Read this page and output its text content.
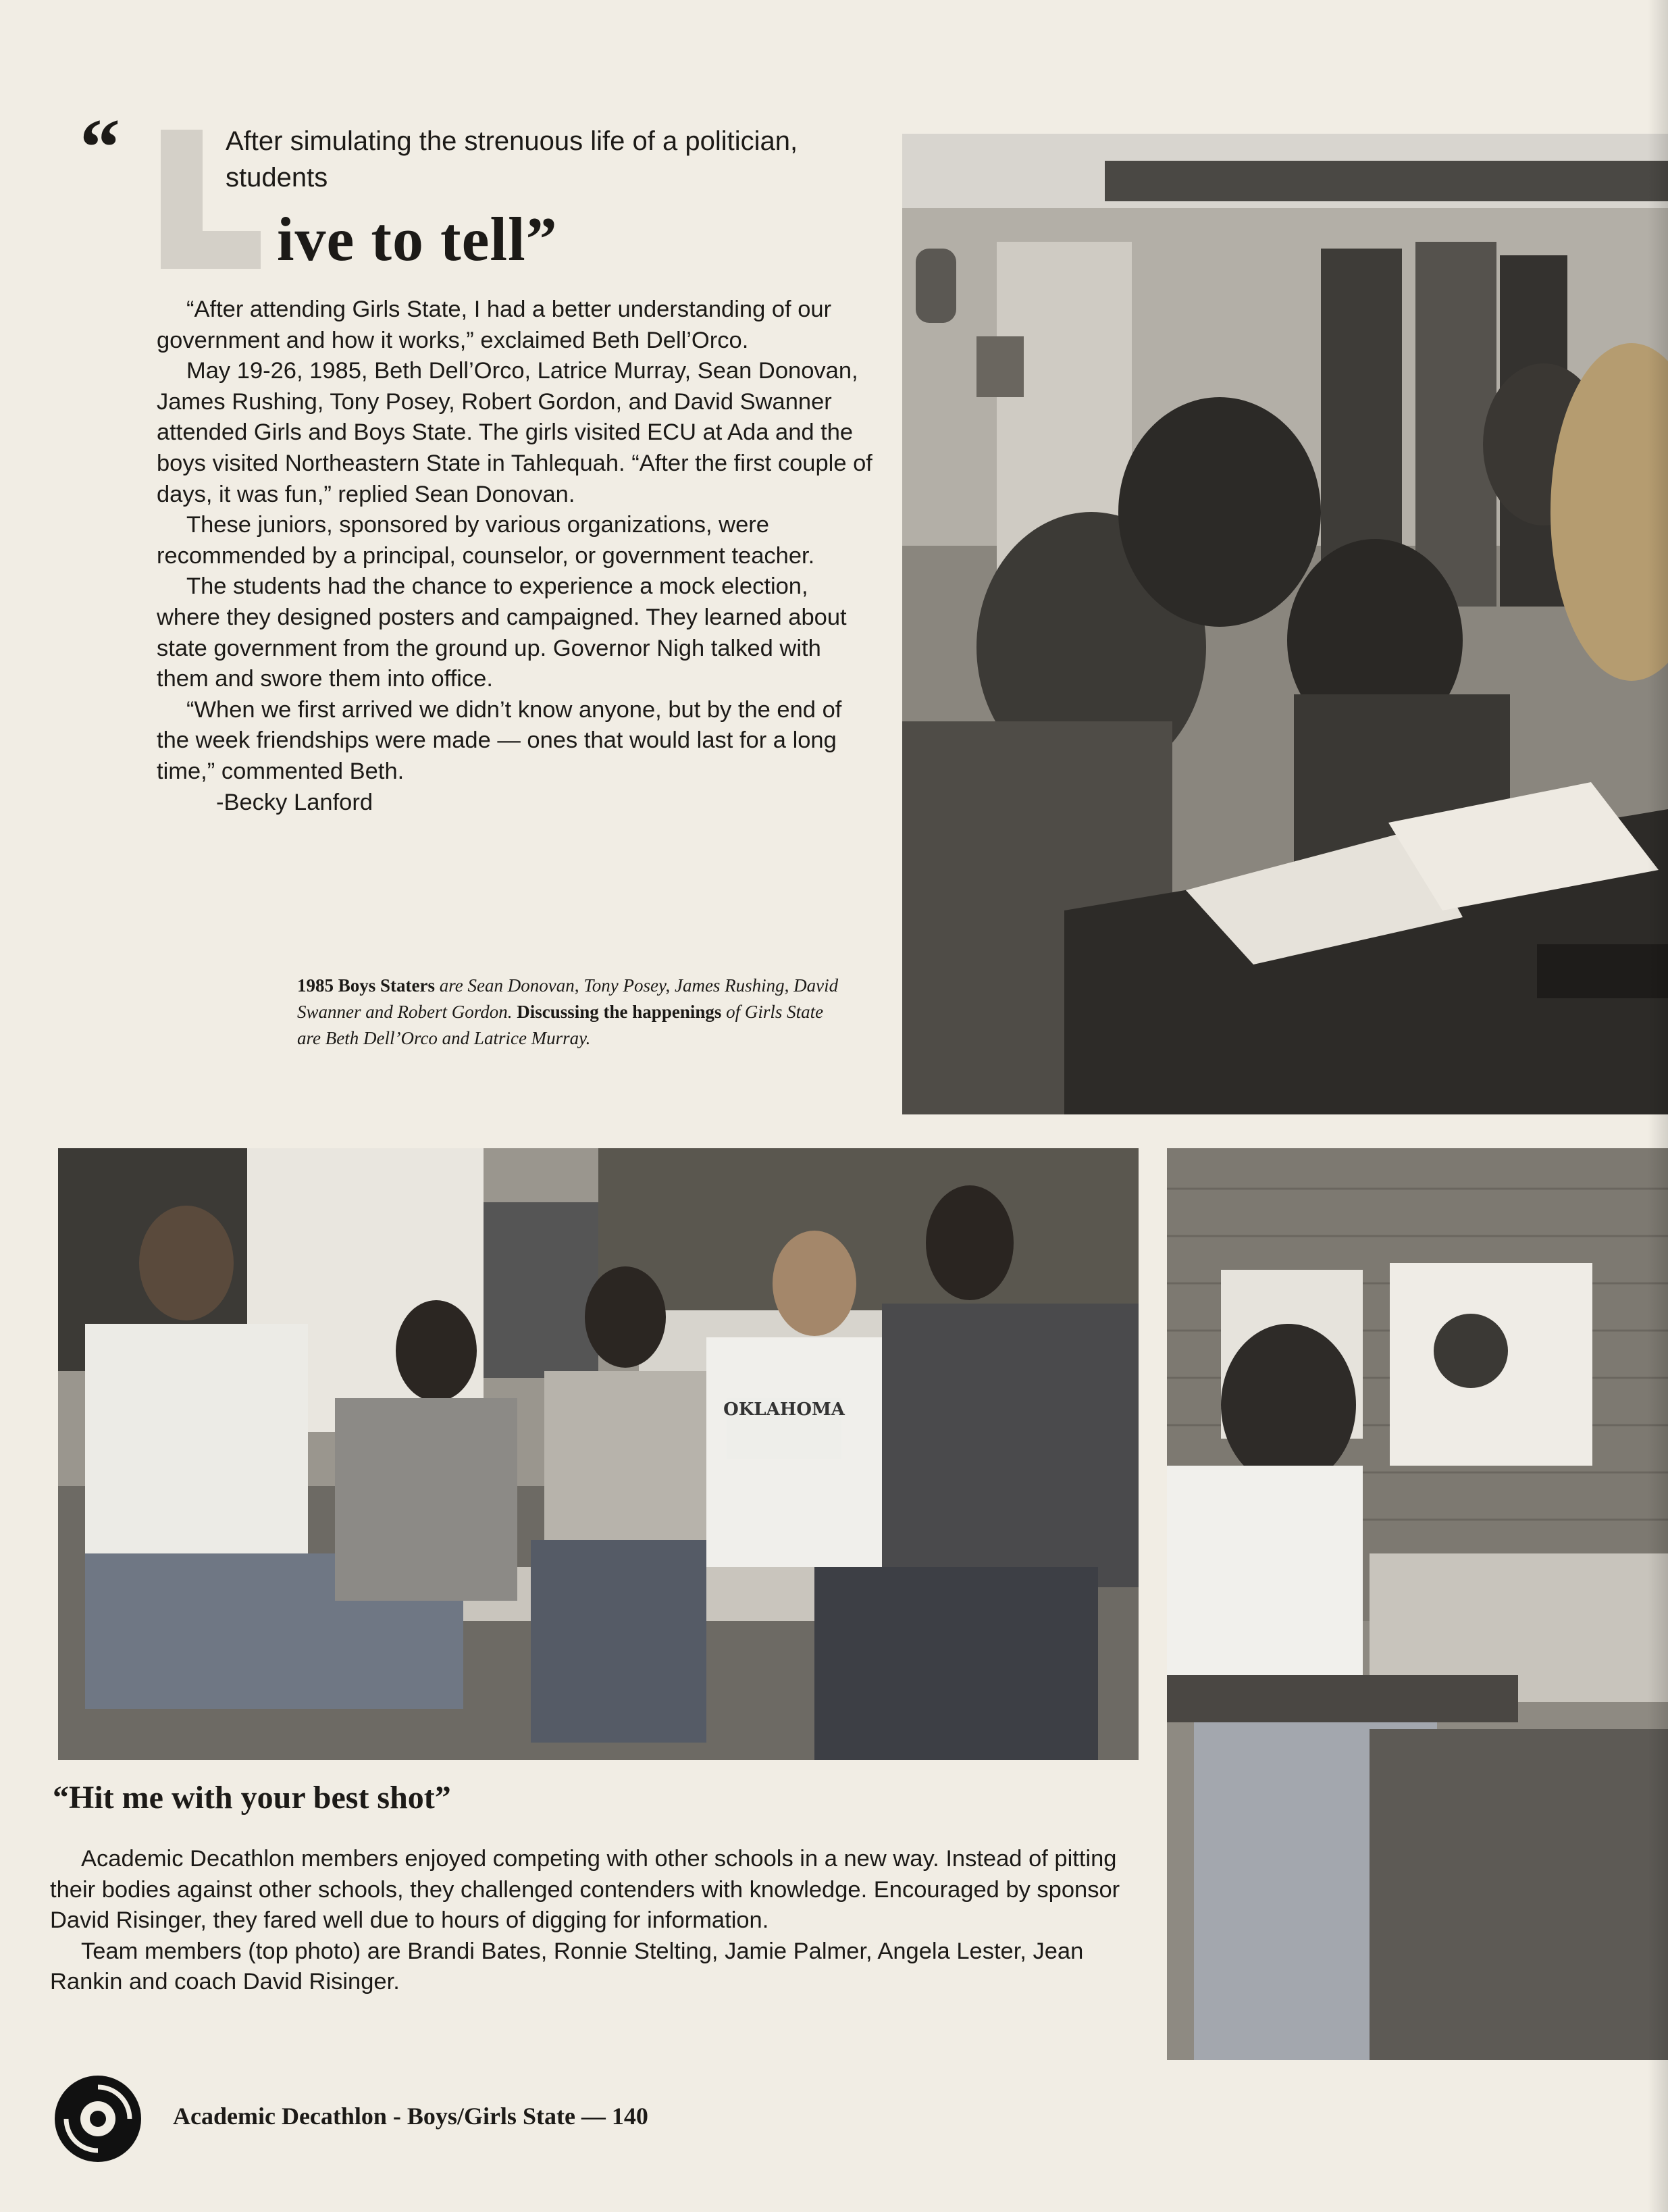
“	After simulating the strenuous life of a politician, students
ive to tell”

“After attending Girls State, I had a better understanding of our government and how it works,” exclaimed Beth Dell’Orco.

May 19-26, 1985, Beth Dell’Orco, Latrice Murray, Sean Donovan, James Rushing, Tony Posey, Robert Gordon, and David Swanner attended Girls and Boys State. The girls visited ECU at Ada and the boys visited Northeastern State in Tahlequah. “After the first couple of days, it was fun,” replied Sean Donovan.

These juniors, sponsored by various organizations, were recommended by a principal, counselor, or government teacher.

The students had the chance to experience a mock election, where they designed posters and campaigned. They learned about state government from the ground up. Governor Nigh talked with them and swore them into office.

“When we first arrived we didn’t know anyone, but by the end of the week friendships were made — ones that would last for a long time,” commented Beth.

-Becky Lanford

1985 Boys Staters are Sean Donovan, Tony Posey, James Rushing, David Swanner and Robert Gordon. Discussing the happenings of Girls State are Beth Dell’Orco and Latrice Murray.
OKLAHOMA
“Hit me with your best shot”

Academic Decathlon members enjoyed competing with other schools in a new way. Instead of pitting their bodies against other schools, they challenged contenders with knowledge. Encouraged by sponsor David Risinger, they fared well due to hours of digging for information.

Team members (top photo) are Brandi Bates, Ronnie Stelting, Jamie Palmer, Angela Lester, Jean Rankin and coach David Risinger.

Academic Decathlon - Boys/Girls State — 140
